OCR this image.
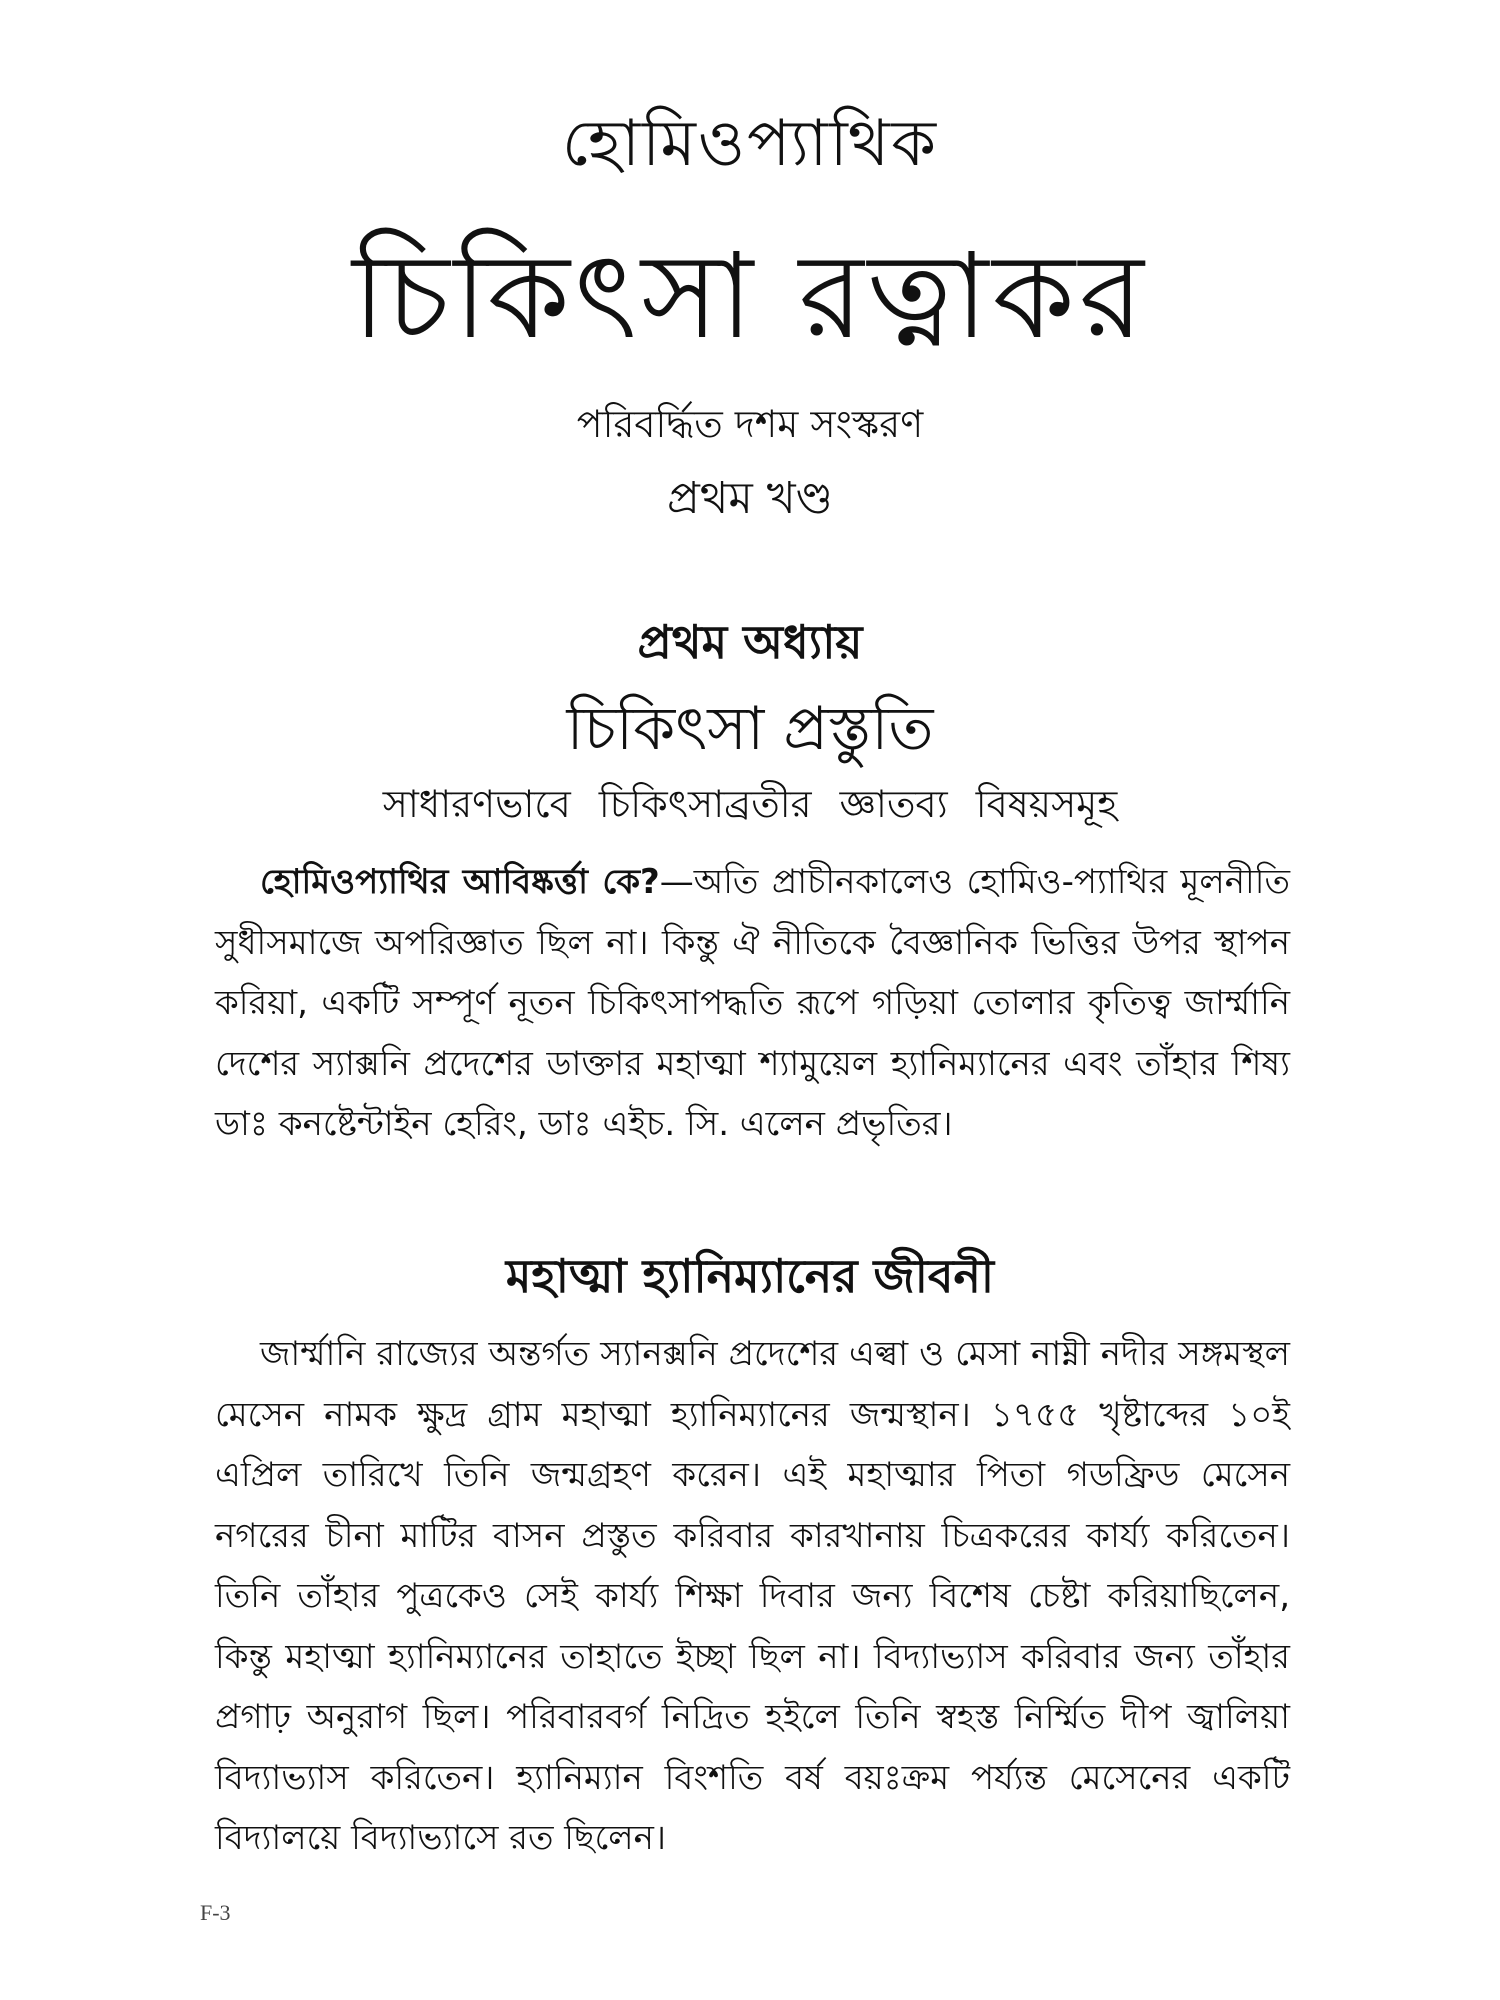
হোমিওপ্যাথিক
চিকিৎসা রত্নাকর
পরিবর্দ্ধিত দশম সংস্করণ
প্রথম খণ্ড
প্রথম অধ্যায়
চিকিৎসা প্রস্তুতি
সাধারণভাবে চিকিৎসাব্রতীর জ্ঞাতব্য বিষয়সমূহ

হোমিওপ্যাথির আবিষ্কর্ত্তা কে?—অতি প্রাচীনকালেও হোমিও-প্যাথির মূলনীতি সুধীসমাজে অপরিজ্ঞাত ছিল না। কিন্তু ঐ নীতিকে বৈজ্ঞানিক ভিত্তির উপর স্থাপন করিয়া, একটি সম্পূর্ণ নূতন চিকিৎসাপদ্ধতি রূপে গড়িয়া তোলার কৃতিত্ব জার্ম্মানি দেশের স্যাক্সনি প্রদেশের ডাক্তার মহাত্মা শ্যামুয়েল হ্যানিম্যানের এবং তাঁহার শিষ্য ডাঃ কনষ্টেন্টাইন হেরিং, ডাঃ এইচ. সি. এলেন প্রভৃতির।

মহাত্মা হ্যানিম্যানের জীবনী

জার্ম্মানি রাজ্যের অন্তর্গত স্যানক্সনি প্রদেশের এল্বা ও মেসা নাম্নী নদীর সঙ্গমস্থল মেসেন নামক ক্ষুদ্র গ্রাম মহাত্মা হ্যানিম্যানের জন্মস্থান। ১৭৫৫ খৃষ্টাব্দের ১০ই এপ্রিল তারিখে তিনি জন্মগ্রহণ করেন। এই মহাত্মার পিতা গডফ্রিড মেসেন নগরের চীনা মাটির বাসন প্রস্তুত করিবার কারখানায় চিত্রকরের কার্য্য করিতেন। তিনি তাঁহার পুত্রকেও সেই কার্য্য শিক্ষা দিবার জন্য বিশেষ চেষ্টা করিয়াছিলেন, কিন্তু মহাত্মা হ্যানিম্যানের তাহাতে ইচ্ছা ছিল না। বিদ্যাভ্যাস করিবার জন্য তাঁহার প্রগাঢ় অনুরাগ ছিল। পরিবারবর্গ নিদ্রিত হইলে তিনি স্বহস্ত নির্ম্মিত দীপ জ্বালিয়া বিদ্যাভ্যাস করিতেন। হ্যানিম্যান বিংশতি বর্ষ বয়ঃক্রম পর্য্যন্ত মেসেনের একটি বিদ্যালয়ে বিদ্যাভ্যাসে রত ছিলেন।

F-3
